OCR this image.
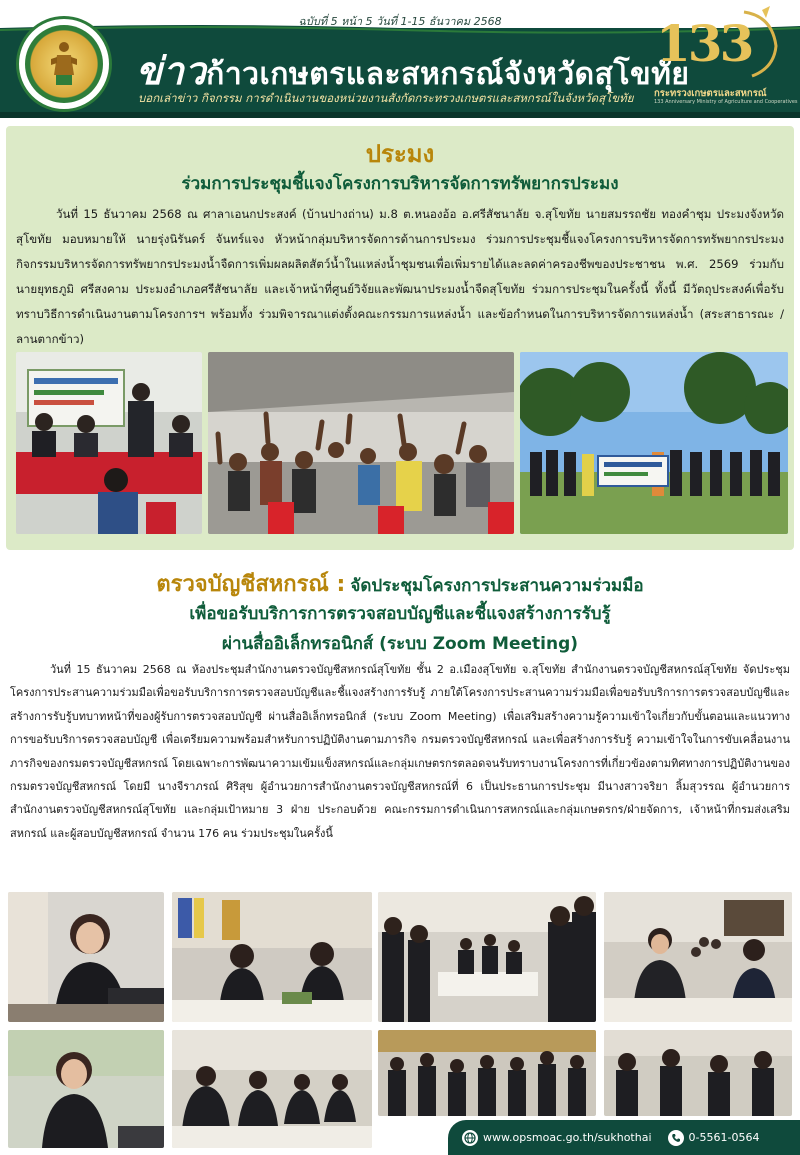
ฉบับที่ 5 หน้า 5 วันที่ 1-15 ธันวาคม 2568
ข่าวก้าวเกษตรและสหกรณ์จังหวัดสุโขทัย
บอกเล่าข่าว กิจกรรม การดำเนินงานของหน่วยงานสังกัดกระทรวงเกษตรและสหกรณ์ในจังหวัดสุโขทัย
133
กระทรวงเกษตรและสหกรณ์
133 Anniversary Ministry of Agriculture and Cooperatives
ประมง
ร่วมการประชุมชี้แจงโครงการบริหารจัดการทรัพยากรประมง

วันที่ 15 ธันวาคม 2568 ณ ศาลาเอนกประสงค์ (บ้านปางถ่าน) ม.8 ต.หนองอ้อ อ.ศรีสัชนาลัย จ.สุโขทัย นายสมรรถชัย ทองคำชุม ประมงจังหวัดสุโขทัย มอบหมายให้ นายรุ่งนิรันดร์ จันทร์แจง หัวหน้ากลุ่มบริหารจัดการด้านการประมง ร่วมการประชุมชี้แจงโครงการบริหารจัดการทรัพยากรประมง กิจกรรมบริหารจัดการทรัพยากรประมงน้ำจืดการเพิ่มผลผลิตสัตว์น้ำในแหล่งน้ำชุมชนเพื่อเพิ่มรายได้และลดค่าครองชีพของประชาชน พ.ศ. 2569 ร่วมกับ นายยุทธภูมิ ศรีสงคาม ประมงอำเภอศรีสัชนาลัย และเจ้าหน้าที่ศูนย์วิจัยและพัฒนาประมงน้ำจืดสุโขทัย ร่วมการประชุมในครั้งนี้ ทั้งนี้ มีวัตถุประสงค์เพื่อรับทราบวิธีการดำเนินงานตามโครงการฯ พร้อมทั้ง ร่วมพิจารณาแต่งตั้งคณะกรรมการแหล่งน้ำ และข้อกำหนดในการบริหารจัดการแหล่งน้ำ (สระสาธารณะ /ลานตากข้าว)

ตรวจบัญชีสหกรณ์ : จัดประชุมโครงการประสานความร่วมมือ
เพื่อขอรับบริการการตรวจสอบบัญชีและชี้แจงสร้างการรับรู้
ผ่านสื่ออิเล็กทรอนิกส์ (ระบบ Zoom Meeting)

วันที่ 15 ธันวาคม 2568 ณ ห้องประชุมสำนักงานตรวจบัญชีสหกรณ์สุโขทัย ชั้น 2 อ.เมืองสุโขทัย จ.สุโขทัย สำนักงานตรวจบัญชีสหกรณ์สุโขทัย จัดประชุมโครงการประสานความร่วมมือเพื่อขอรับบริการการตรวจสอบบัญชีและชี้แจงสร้างการรับรู้ ภายใต้โครงการประสานความร่วมมือเพื่อขอรับบริการการตรวจสอบบัญชีและสร้างการรับรู้บทบาทหน้าที่ของผู้รับการตรวจสอบบัญชี ผ่านสื่ออิเล็กทรอนิกส์ (ระบบ Zoom Meeting) เพื่อเสริมสร้างความรู้ความเข้าใจเกี่ยวกับขั้นตอนและแนวทางการขอรับบริการตรวจสอบบัญชี เพื่อเตรียมความพร้อมสำหรับการปฏิบัติงานตามภารกิจ กรมตรวจบัญชีสหกรณ์ และเพื่อสร้างการรับรู้ ความเข้าใจในการขับเคลื่อนงานภารกิจของกรมตรวจบัญชีสหกรณ์ โดยเฉพาะการพัฒนาความเข้มแข็งสหกรณ์และกลุ่มเกษตรกรตลอดจนรับทราบงานโครงการที่เกี่ยวข้องตามทิศทางการปฏิบัติงานของกรมตรวจบัญชีสหกรณ์ โดยมี นางจีราภรณ์ ศิริสุข ผู้อำนวยการสำนักงานตรวจบัญชีสหกรณ์ที่ 6 เป็นประธานการประชุม มีนางสาวจริยา ลิ้มสุวรรณ ผู้อำนวยการสำนักงานตรวจบัญชีสหกรณ์สุโขทัย และกลุ่มเป้าหมาย 3 ฝ่าย ประกอบด้วย คณะกรรมการดำเนินการสหกรณ์และกลุ่มเกษตรกร/ฝ่ายจัดการ, เจ้าหน้าที่กรมส่งเสริมสหกรณ์ และผู้สอบบัญชีสหกรณ์ จำนวน 176 คน ร่วมประชุมในครั้งนี้

www.opsmoac.go.th/sukhothai	0-5561-0564
